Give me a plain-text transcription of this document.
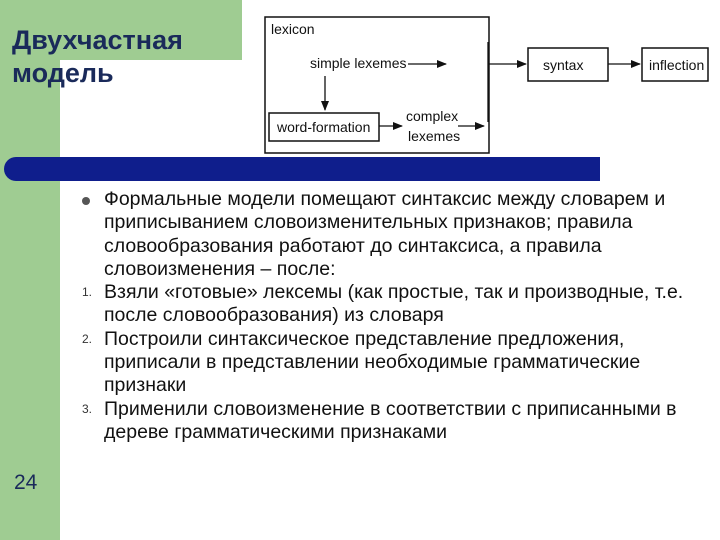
Двухчастная
модель
lexicon
simple lexemes
word-formation
complex
lexemes
syntax	inflection
Формальные модели помещают синтаксис между словарем и приписыванием словоизменительных признаков; правила словообразования работают до синтаксиса, а правила словоизменения – после:
1. Взяли «готовые» лексемы (как простые, так и производные, т.е. после словообразования) из словаря
2. Построили синтаксическое представление предложения, приписали в представлении необходимые грамматические признаки
3. Применили словоизменение в соответствии с приписанными в дереве грамматическими признаками
24
